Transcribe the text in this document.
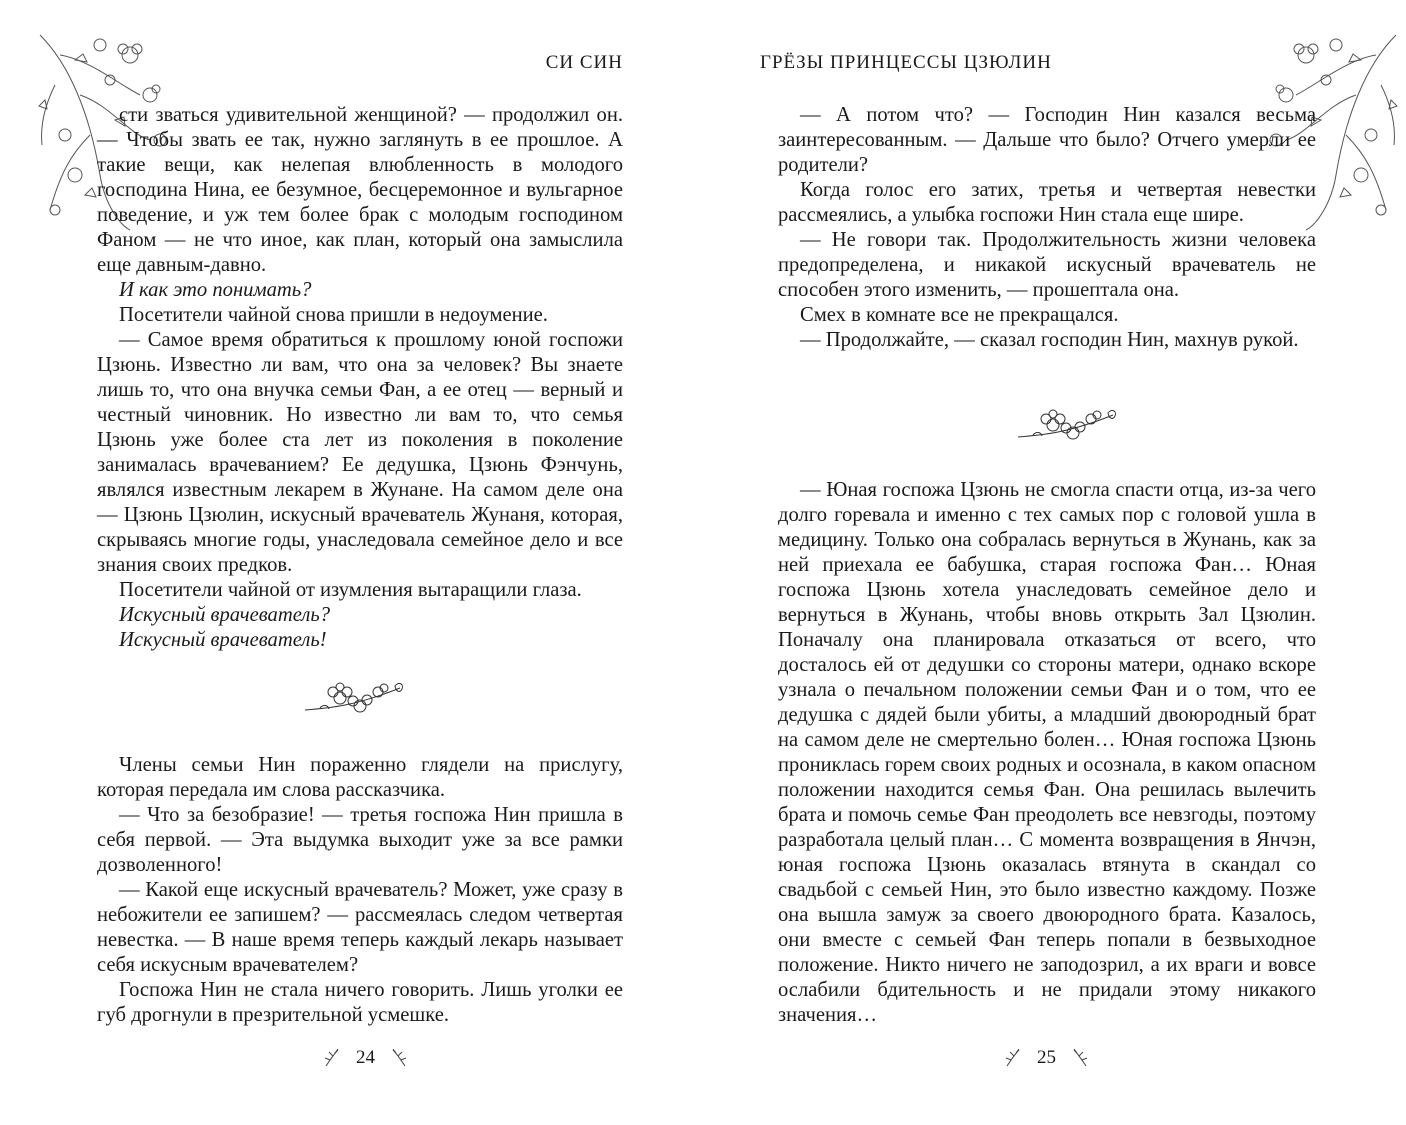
СИ СИН

сти зваться удивительной женщиной? — продолжил он. — Чтобы звать ее так, нужно заглянуть в ее прошлое. А такие вещи, как нелепая влюбленность в молодого господина Нина, ее безумное, бесцеремонное и вульгарное поведение, и уж тем более брак с молодым господином Фаном — не что иное, как план, который она замыслила еще давным-давно.

И как это понимать?

Посетители чайной снова пришли в недоумение.

— Самое время обратиться к прошлому юной госпожи Цзюнь. Известно ли вам, что она за человек? Вы знаете лишь то, что она внучка семьи Фан, а ее отец — верный и честный чиновник. Но известно ли вам то, что семья Цзюнь уже более ста лет из поколения в поколение занималась врачеванием? Ее дедушка, Цзюнь Фэнчунь, являлся известным лекарем в Жунане. На самом деле она — Цзюнь Цзюлин, искусный врачеватель Жунаня, которая, скрываясь многие годы, унаследовала семейное дело и все знания своих предков.

Посетители чайной от изумления вытаращили глаза.

Искусный врачеватель?

Искусный врачеватель!

Члены семьи Нин пораженно глядели на прислугу, которая передала им слова рассказчика.

— Что за безобразие! — третья госпожа Нин пришла в себя первой. — Эта выдумка выходит уже за все рамки дозволенного!

— Какой еще искусный врачеватель? Может, уже сразу в небожители ее запишем? — рассмеялась следом четвертая невестка. — В наше время теперь каждый лекарь называет себя искусным врачевателем?

Госпожа Нин не стала ничего говорить. Лишь уголки ее губ дрогнули в презрительной усмешке.

24
ГРЁЗЫ ПРИНЦЕССЫ ЦЗЮЛИН

— А потом что? — Господин Нин казался весьма заинтересованным. — Дальше что было? Отчего умерли ее родители?

Когда голос его затих, третья и четвертая невестки рассмеялись, а улыбка госпожи Нин стала еще шире.

— Не говори так. Продолжительность жизни человека предопределена, и никакой искусный врачеватель не способен этого изменить, — прошептала она.

Смех в комнате все не прекращался.

— Продолжайте, — сказал господин Нин, махнув рукой.

— Юная госпожа Цзюнь не смогла спасти отца, из-за чего долго горевала и именно с тех самых пор с головой ушла в медицину. Только она собралась вернуться в Жунань, как за ней приехала ее бабушка, старая госпожа Фан… Юная госпожа Цзюнь хотела унаследовать семейное дело и вернуться в Жунань, чтобы вновь открыть Зал Цзюлин. Поначалу она планировала отказаться от всего, что досталось ей от дедушки со стороны матери, однако вскоре узнала о печальном положении семьи Фан и о том, что ее дедушка с дядей были убиты, а младший двоюродный брат на самом деле не смертельно болен… Юная госпожа Цзюнь прониклась горем своих родных и осознала, в каком опасном положении находится семья Фан. Она решилась вылечить брата и помочь семье Фан преодолеть все невзгоды, поэтому разработала целый план… С момента возвращения в Янчэн, юная госпожа Цзюнь оказалась втянута в скандал со свадьбой с семьей Нин, это было известно каждому. Позже она вышла замуж за своего двоюродного брата. Казалось, они вместе с семьей Фан теперь попали в безвыходное положение. Никто ничего не заподозрил, а их враги и вовсе ослабили бдительность и не придали этому никакого значения…

25
